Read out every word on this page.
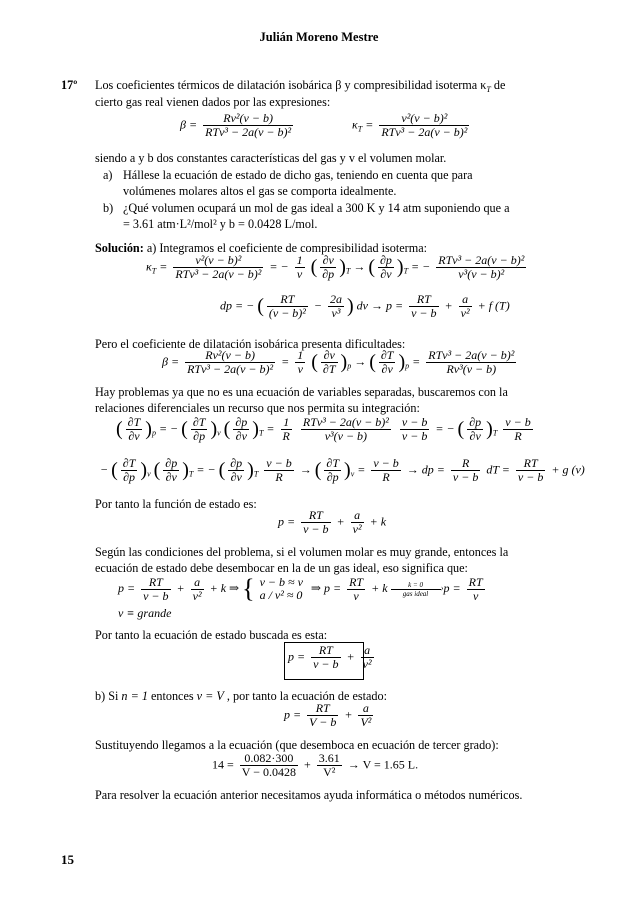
Julián Moreno Mestre
17º Los coeficientes térmicos de dilatación isobárica β y compresibilidad isoterma $\kappa_T$ de
cierto gas real vienen dados por las expresiones:
$\beta = \frac{\text{Rv²(v − b)}}{\text{RTv³ − 2a(v − b)²}}$	$\kappa_T = \frac{\text{v²(v − b)²}}{\text{RTv³ − 2a(v − b)²}}$
siendo a y b dos constantes características del gas y v el volumen molar.
a) Hállese la ecuación de estado de dicho gas, teniendo en cuenta que para
volúmenes molares altos el gas se comporta idealmente.
b) ¿Qué volumen ocupará un mol de gas ideal a 300 K y 14 atm suponiendo que a
= 3.61 atm·L²/mol² y b = 0.0428 L/mol.
Solución: a) Integramos el coeficiente de compresibilidad isoterma:
$\kappa_T = \frac{\text{v²(v − b)²}}{\text{RTv³ − 2a(v − b)²}}$ = − $\frac{1}{v}$ ( $\frac{\partial v}{\partial p} )_T$ → ( $\frac{\partial p}{\partial v} )_T$ = − $\frac{\text{RTv³ − 2a(v − b)²}}{\text{v³(v − b)²}}$
dp = − ( $\frac{RT}{\text{(v − b)²}} - \frac{2a}{\text{v³}}$ ) dv → $p = \frac{RT}{v - b} + \frac{a}{\text{v²}} + f$ (T)
Pero el coeficiente de dilatación isobárica presenta dificultades:
$\beta = \frac{\text{Rv²(v − b)}}{\text{RTv³ − 2a(v − b)²}} = \frac{1}{v}$ ( $\frac{\partial v}{\partial T} )_p$ → ( $\frac{\partial T}{\partial v} )_p = \frac{\text{RTv³ − 2a(v − b)²}}{\text{Rv³(v − b)}}$
Hay problemas ya que no es una ecuación de variables separadas, buscaremos con la
relaciones diferenciales un recurso que nos permita su integración:
( $\frac{\partial T}{\partial v} )_p$ = − ( $\frac{\partial T}{\partial p} )_v$ ( $\frac{\partial p}{\partial v} )_T = \frac{1}{R}$
$\frac{\text{RTv³ − 2a(v − b)²}}{\text{v³(v − b)}}$
$\frac{v - b}{v - b}$ = − ( $\frac{\partial p}{\partial v} )_T \frac{v - b}{R}$
− ( $\frac{\partial T}{\partial p} )_v$ ( $\frac{\partial p}{\partial v} )_T$ = − ( $\frac{\partial p}{\partial v} )_T \frac{v - b}{R}$ → ( $\frac{\partial T}{\partial p} )_v = \frac{v - b}{R}$ → dp = $\frac{R}{v - b}$ dT = $\frac{RT}{v - b} + g$ (v)
Por tanto la función de estado es:
$p = \frac{RT}{v - b} + \frac{a}{\text{v²}} + k$
Según las condiciones del problema, si el volumen molar es muy grande, entonces la
ecuación de estado debe desembocar en la de un gas ideal, eso significa que:
$p = \frac{RT}{v - b} + \frac{a}{\text{v²}} + k$ ⇒ { v − b ≈ v
a / v² ≈ 0
⇒ $p = \frac{RT}{v} + k$	k = 0	›
gas ideal	$p = \frac{RT}{v}$
v ≡ grande
Por tanto la ecuación de estado buscada es esta:
$p = \frac{RT}{v - b} + \frac{a}{\text{v²}}$
b) Si n = 1 entonces v = V , por tanto la ecuación de estado:
$p = \frac{RT}{V - b} + \frac{a}{\text{V²}}$
Sustituyendo llegamos a la ecuación (que desemboca en ecuación de tercer grado):
$14 = \frac{0.082\cdot 300}{V - 0.0428} + \frac{3.61}{\text{V²}} \to V = 1.65$ L.
Para resolver la ecuación anterior necesitamos ayuda informática o métodos numéricos.
15
